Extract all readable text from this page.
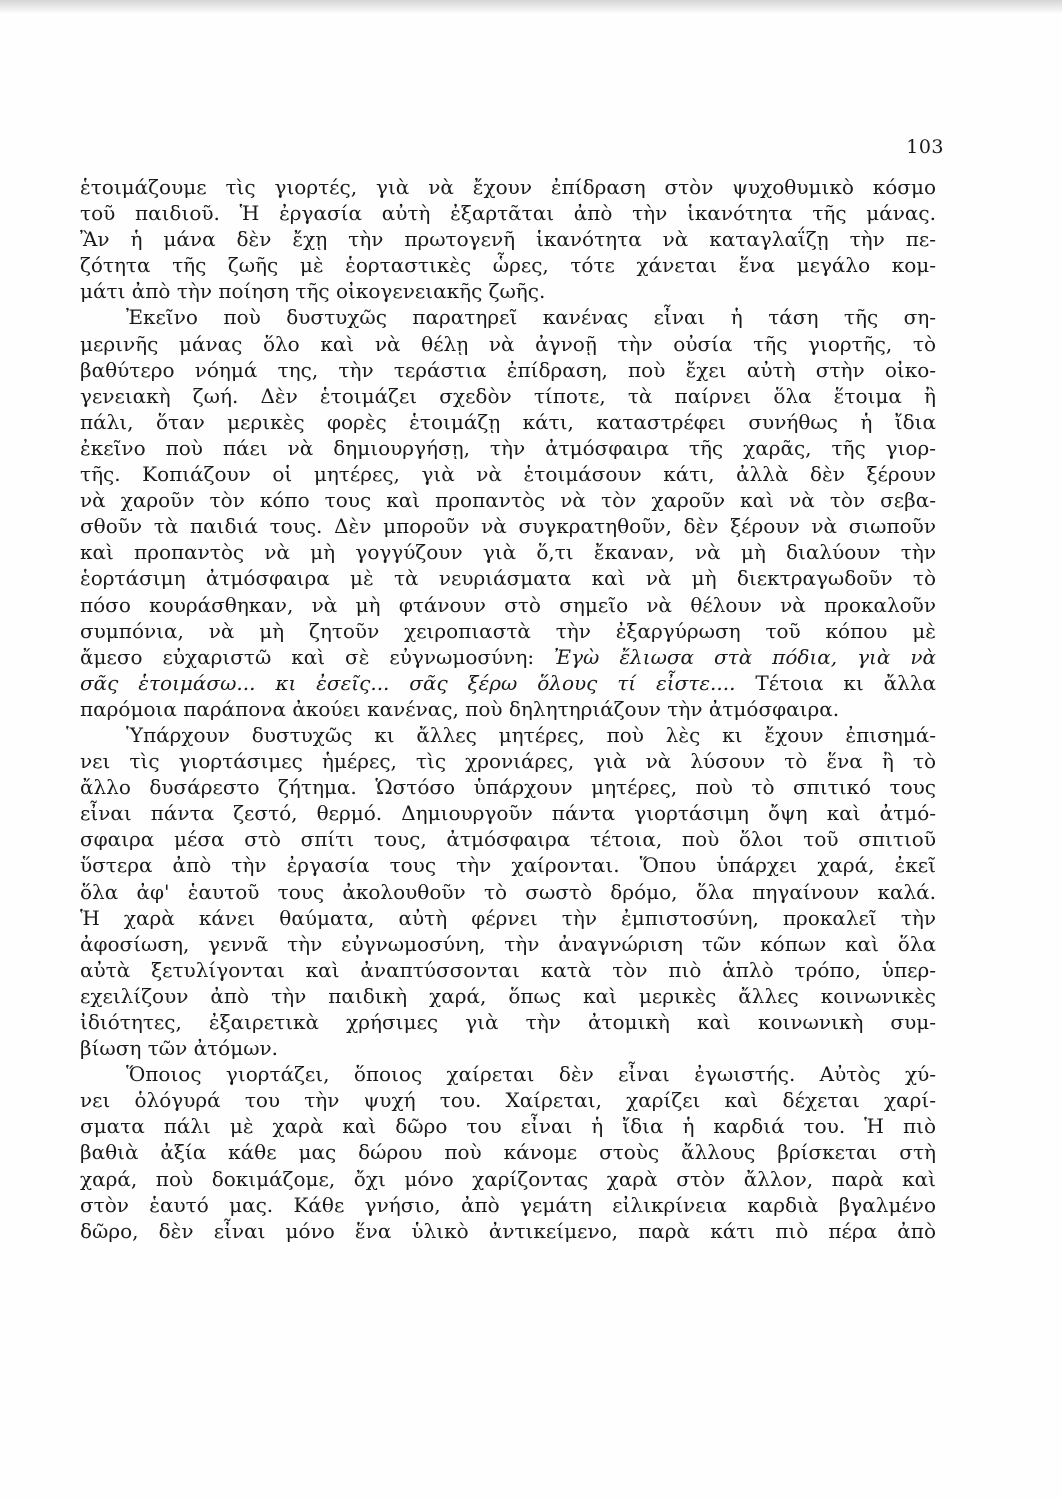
103
ἑτοιμάζουμε τὶς γιορτές, γιὰ νὰ ἔχουν ἐπίδραση στὸν ψυχοθυμικὸ κόσμο
τοῦ παιδιοῦ. Ἡ ἐργασία αὐτὴ ἐξαρτᾶται ἀπὸ τὴν ἱκανότητα τῆς μάνας.
Ἂν ἡ μάνα δὲν ἔχῃ τὴν πρωτογενῆ ἱκανότητα νὰ καταγλαΐζῃ τὴν πε-
ζότητα τῆς ζωῆς μὲ ἑορταστικὲς ὧρες, τότε χάνεται ἕνα μεγάλο κομ-
μάτι ἀπὸ τὴν ποίηση τῆς οἰκογενειακῆς ζωῆς.
Ἐκεῖνο ποὺ δυστυχῶς παρατηρεῖ κανένας εἶναι ἡ τάση τῆς ση-
μερινῆς μάνας ὅλο καὶ νὰ θέλῃ νὰ ἀγνοῇ τὴν οὐσία τῆς γιορτῆς, τὸ
βαθύτερο νόημά της, τὴν τεράστια ἐπίδραση, ποὺ ἔχει αὐτὴ στὴν οἰκο-
γενειακὴ ζωή. Δὲν ἑτοιμάζει σχεδὸν τίποτε, τὰ παίρνει ὅλα ἕτοιμα ἢ
πάλι, ὅταν μερικὲς φορὲς ἑτοιμάζῃ κάτι, καταστρέφει συνήθως ἡ ἴδια
ἐκεῖνο ποὺ πάει νὰ δημιουργήσῃ, τὴν ἀτμόσφαιρα τῆς χαρᾶς, τῆς γιορ-
τῆς. Κοπιάζουν οἱ μητέρες, γιὰ νὰ ἑτοιμάσουν κάτι, ἀλλὰ δὲν ξέρουν
νὰ χαροῦν τὸν κόπο τους καὶ προπαντὸς νὰ τὸν χαροῦν καὶ νὰ τὸν σεβα-
σθοῦν τὰ παιδιά τους. Δὲν μποροῦν νὰ συγκρατηθοῦν, δὲν ξέρουν νὰ σιωποῦν
καὶ προπαντὸς νὰ μὴ γογγύζουν γιὰ ὅ,τι ἔκαναν, νὰ μὴ διαλύουν τὴν
ἑορτάσιμη ἀτμόσφαιρα μὲ τὰ νευριάσματα καὶ νὰ μὴ διεκτραγωδοῦν τὸ
πόσο κουράσθηκαν, νὰ μὴ φτάνουν στὸ σημεῖο νὰ θέλουν νὰ προκαλοῦν
συμπόνια, νὰ μὴ ζητοῦν χειροπιαστὰ τὴν ἐξαργύρωση τοῦ κόπου μὲ
ἄμεσο εὐχαριστῶ καὶ σὲ εὐγνωμοσύνη: Ἐγὼ ἔλιωσα στὰ πόδια, γιὰ νὰ
σᾶς ἑτοιμάσω... κι ἐσεῖς... σᾶς ξέρω ὅλους τί εἶστε.... Τέτοια κι ἄλλα
παρόμοια παράπονα ἀκούει κανένας, ποὺ δηλητηριάζουν τὴν ἀτμόσφαιρα.
Ὑπάρχουν δυστυχῶς κι ἄλλες μητέρες, ποὺ λὲς κι ἔχουν ἐπισημά-
νει τὶς γιορτάσιμες ἡμέρες, τὶς χρονιάρες, γιὰ νὰ λύσουν τὸ ἕνα ἢ τὸ
ἄλλο δυσάρεστο ζήτημα. Ὡστόσο ὑπάρχουν μητέρες, ποὺ τὸ σπιτικό τους
εἶναι πάντα ζεστό, θερμό. Δημιουργοῦν πάντα γιορτάσιμη ὄψη καὶ ἀτμό-
σφαιρα μέσα στὸ σπίτι τους, ἀτμόσφαιρα τέτοια, ποὺ ὅλοι τοῦ σπιτιοῦ
ὕστερα ἀπὸ τὴν ἐργασία τους τὴν χαίρονται. Ὅπου ὑπάρχει χαρά, ἐκεῖ
ὅλα ἀφ' ἑαυτοῦ τους ἀκολουθοῦν τὸ σωστὸ δρόμο, ὅλα πηγαίνουν καλά.
Ἡ χαρὰ κάνει θαύματα, αὐτὴ φέρνει τὴν ἐμπιστοσύνη, προκαλεῖ τὴν
ἀφοσίωση, γεννᾶ τὴν εὐγνωμοσύνη, τὴν ἀναγνώριση τῶν κόπων καὶ ὅλα
αὐτὰ ξετυλίγονται καὶ ἀναπτύσσονται κατὰ τὸν πιὸ ἁπλὸ τρόπο, ὑπερ-
εχειλίζουν ἀπὸ τὴν παιδικὴ χαρά, ὅπως καὶ μερικὲς ἄλλες κοινωνικὲς
ἰδιότητες, ἐξαιρετικὰ χρήσιμες γιὰ τὴν ἀτομικὴ καὶ κοινωνικὴ συμ-
βίωση τῶν ἀτόμων.
Ὅποιος γιορτάζει, ὅποιος χαίρεται δὲν εἶναι ἐγωιστής. Αὐτὸς χύ-
νει ὁλόγυρά του τὴν ψυχή του. Χαίρεται, χαρίζει καὶ δέχεται χαρί-
σματα πάλι μὲ χαρὰ καὶ δῶρο του εἶναι ἡ ἴδια ἡ καρδιά του. Ἡ πιὸ
βαθιὰ ἀξία κάθε μας δώρου ποὺ κάνομε στοὺς ἄλλους βρίσκεται στὴ
χαρά, ποὺ δοκιμάζομε, ὄχι μόνο χαρίζοντας χαρὰ στὸν ἄλλον, παρὰ καὶ
στὸν ἑαυτό μας. Κάθε γνήσιο, ἀπὸ γεμάτη εἰλικρίνεια καρδιὰ βγαλμένο
δῶρο, δὲν εἶναι μόνο ἕνα ὑλικὸ ἀντικείμενο, παρὰ κάτι πιὸ πέρα ἀπὸ
